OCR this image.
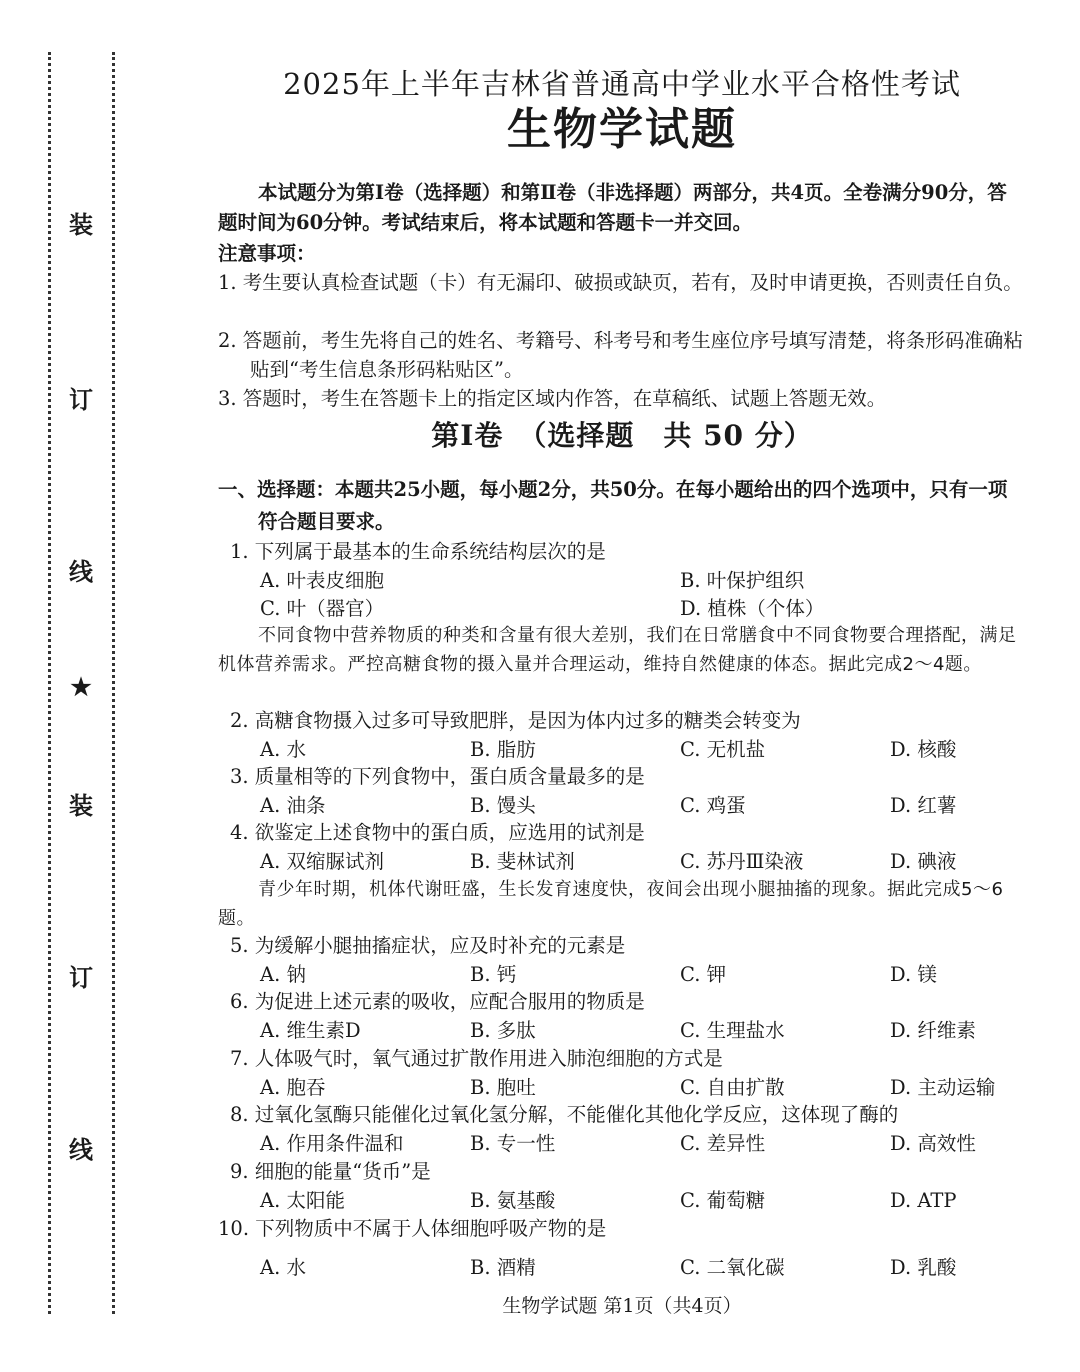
装
订
线
★
装
订
线
2025年上半年吉林省普通高中学业水平合格性考试
生物学试题
本试题分为第Ⅰ卷（选择题）和第Ⅱ卷（非选择题）两部分，共4页。全卷满分90分，答题时间为60分钟。考试结束后，将本试题和答题卡一并交回。
注意事项：
1. 考生要认真检查试题（卡）有无漏印、破损或缺页，若有，及时申请更换，否则责任自负。
2. 答题前，考生先将自己的姓名、考籍号、科考号和考生座位序号填写清楚，将条形码准确粘贴到“考生信息条形码粘贴区”。
3. 答题时，考生在答题卡上的指定区域内作答，在草稿纸、试题上答题无效。
第Ⅰ卷　（选择题　共 50 分）
一、选择题：本题共25小题，每小题2分，共50分。在每小题给出的四个选项中，只有一项符合题目要求。
1. 下列属于最基本的生命系统结构层次的是
A. 叶表皮细胞	B. 叶保护组织
C. 叶（器官）	D. 植株（个体）
不同食物中营养物质的种类和含量有很大差别，我们在日常膳食中不同食物要合理搭配，满足机体营养需求。严控高糖食物的摄入量并合理运动，维持自然健康的体态。据此完成2～4题。
2. 高糖食物摄入过多可导致肥胖，是因为体内过多的糖类会转变为
A. 水	B. 脂肪	C. 无机盐	D. 核酸
3. 质量相等的下列食物中，蛋白质含量最多的是
A. 油条	B. 馒头	C. 鸡蛋	D. 红薯
4. 欲鉴定上述食物中的蛋白质，应选用的试剂是
A. 双缩脲试剂	B. 斐林试剂	C. 苏丹Ⅲ染液	D. 碘液
青少年时期，机体代谢旺盛，生长发育速度快，夜间会出现小腿抽搐的现象。据此完成5～6题。
5. 为缓解小腿抽搐症状，应及时补充的元素是
A. 钠	B. 钙	C. 钾	D. 镁
6. 为促进上述元素的吸收，应配合服用的物质是
A. 维生素D	B. 多肽	C. 生理盐水	D. 纤维素
7. 人体吸气时，氧气通过扩散作用进入肺泡细胞的方式是
A. 胞吞	B. 胞吐	C. 自由扩散	D. 主动运输
8. 过氧化氢酶只能催化过氧化氢分解，不能催化其他化学反应，这体现了酶的
A. 作用条件温和	B. 专一性	C. 差异性	D. 高效性
9. 细胞的能量“货币”是
A. 太阳能	B. 氨基酸	C. 葡萄糖	D. ATP
10. 下列物质中不属于人体细胞呼吸产物的是
A. 水	B. 酒精	C. 二氧化碳	D. 乳酸
生物学试题 第1页（共4页）
